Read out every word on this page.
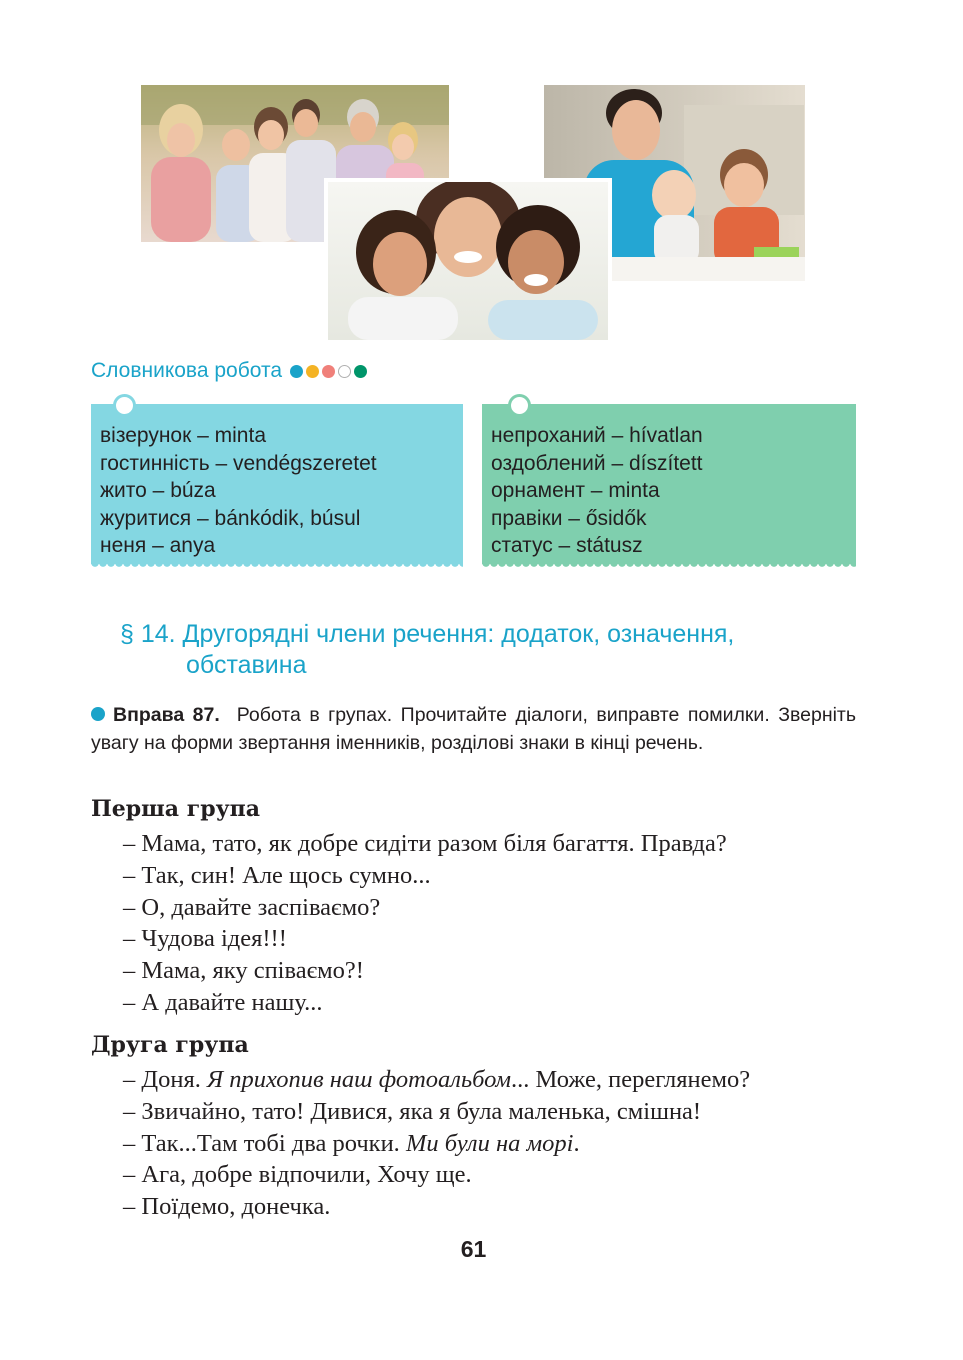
Словникова робота
візерунок – minta
гостинність – vendégszeretet
жито – búza
журитися – bánkódik, búsul
неня – anya
непроханий – hívatlan
оздоблений – díszített
орнамент – minta
правіки – ősidők
статус – státusz
§ 14. Другорядні члени речення: додаток, означення,
обставина
Вправа 87. Робота в групах. Прочитайте діалоги, виправте помилки. Зверніть увагу на форми звертання іменників, розділові знаки в кінці речень.
Перша група
– Мама, тато, як добре сидіти разом біля багаття. Правда?
– Так, син! Але щось сумно...
– О, давайте заспіваємо?
– Чудова ідея!!!
– Мама, яку співаємо?!
– А давайте нашу...
Друга група
– Доня. Я прихопив наш фотоальбом... Може, переглянемо?
– Звичайно, тато! Дивися, яка я була маленька, смішна!
– Так...Там тобі два рочки. Ми були на морі.
– Ага, добре відпочили, Хочу ще.
– Поїдемо, донечка.
61
